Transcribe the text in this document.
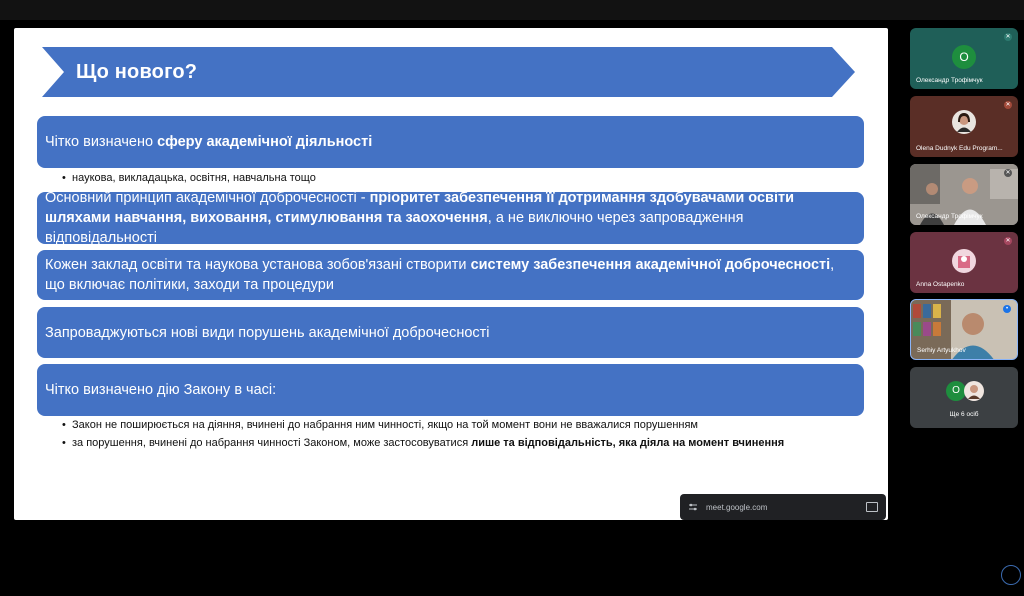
Що нового?
Чітко визначено сферу академічної діяльності
• наукова, викладацька, освітня, навчальна тощо
Основний принцип академічної доброчесності - пріоритет забезпечення її дотримання здобувачами освіти шляхами навчання, виховання, стимулювання та заохочення, а не виключно через запровадження відповідальності
Кожен заклад освіти та наукова установа зобов'язані створити систему забезпечення академічної доброчесності, що включає політики, заходи та процедури
Запроваджуються нові види порушень академічної доброчесності
Чітко визначено дію Закону в часі:
• Закон не поширюється на діяння, вчинені до набрання ним чинності, якщо на той момент вони не вважалися порушенням
• за порушення, вчинені до набрання чинності Законом, може застосовуватися лише та відповідальність, яка діяла на момент вчинення
meet.google.com
О
✕
Олександр Трофімчук
✕
Olena Dudnyk Edu Program...
✕
Олександр Трофімчук
✕
Anna Ostapenko
•
Serhiy Artyukhov
О
Ще 6 осіб
